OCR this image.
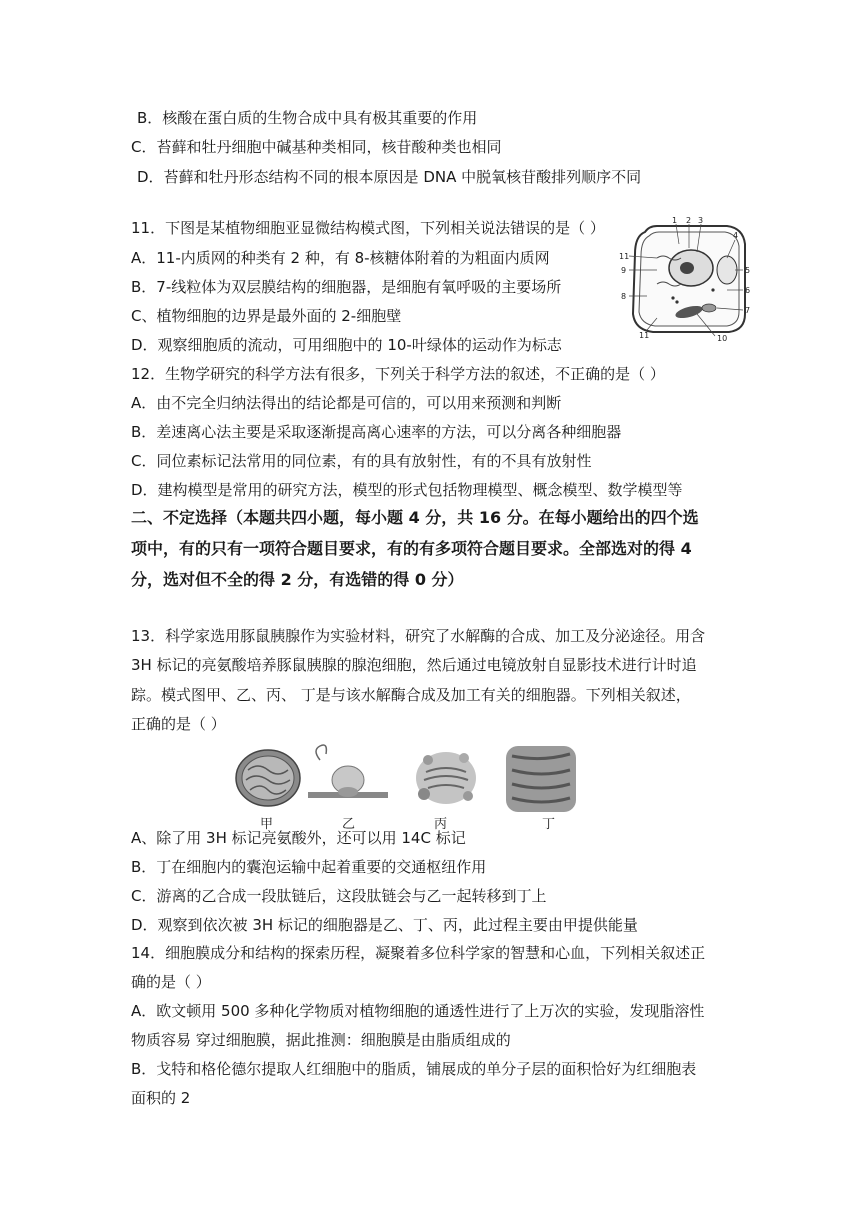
B．核酸在蛋白质的生物合成中具有极其重要的作用
C．苔藓和牡丹细胞中碱基种类相同，核苷酸种类也相同
D．苔藓和牡丹形态结构不同的根本原因是 DNA 中脱氧核苷酸排列顺序不同
11．下图是某植物细胞亚显微结构模式图，下列相关说法错误的是（ ）
A．11-内质网的种类有 2 种，有 8-核糖体附着的为粗面内质网
B．7-线粒体为双层膜结构的细胞器，是细胞有氧呼吸的主要场所
C、植物细胞的边界是最外面的 2-细胞壁
D．观察细胞质的流动，可用细胞中的 10-叶绿体的运动作为标志
12．生物学研究的科学方法有很多，下列关于科学方法的叙述，不正确的是（ ）
A．由不完全归纳法得出的结论都是可信的，可以用来预测和判断
B．差速离心法主要是采取逐渐提高离心速率的方法，可以分离各种细胞器
C．同位素标记法常用的同位素，有的具有放射性，有的不具有放射性
D．建构模型是常用的研究方法，模型的形式包括物理模型、概念模型、数学模型等
二、不定选择（本题共四小题，每小题 4 分，共 16 分。在每小题给出的四个选
项中，有的只有一项符合题目要求，有的有多项符合题目要求。全部选对的得 4
分，选对但不全的得 2 分，有选错的得 0 分）
13．科学家选用豚鼠胰腺作为实验材料，研究了水解酶的合成、加工及分泌途径。用含
3H 标记的亮氨酸培养豚鼠胰腺的腺泡细胞，然后通过电镜放射自显影技术进行计时追
踪。模式图甲、乙、丙、 丁是与该水解酶合成及加工有关的细胞器。下列相关叙述，
正确的是（ ）
A、除了用 3H 标记亮氨酸外，还可以用 14C 标记
B．丁在细胞内的囊泡运输中起着重要的交通枢纽作用
C．游离的乙合成一段肽链后，这段肽链会与乙一起转移到丁上
D．观察到依次被 3H 标记的细胞器是乙、丁、丙，此过程主要由甲提供能量
14．细胞膜成分和结构的探索历程，凝聚着多位科学家的智慧和心血，下列相关叙述正
确的是（ ）
A．欧文顿用 500 多种化学物质对植物细胞的通透性进行了上万次的实验，发现脂溶性
物质容易 穿过细胞膜，据此推测：细胞膜是由脂质组成的
B．戈特和格伦德尔提取人红细胞中的脂质，铺展成的单分子层的面积恰好为红细胞表
面积的 2
1 2 3
4
5
6
7
8
9
10
11
11
甲	乙	丙	丁
